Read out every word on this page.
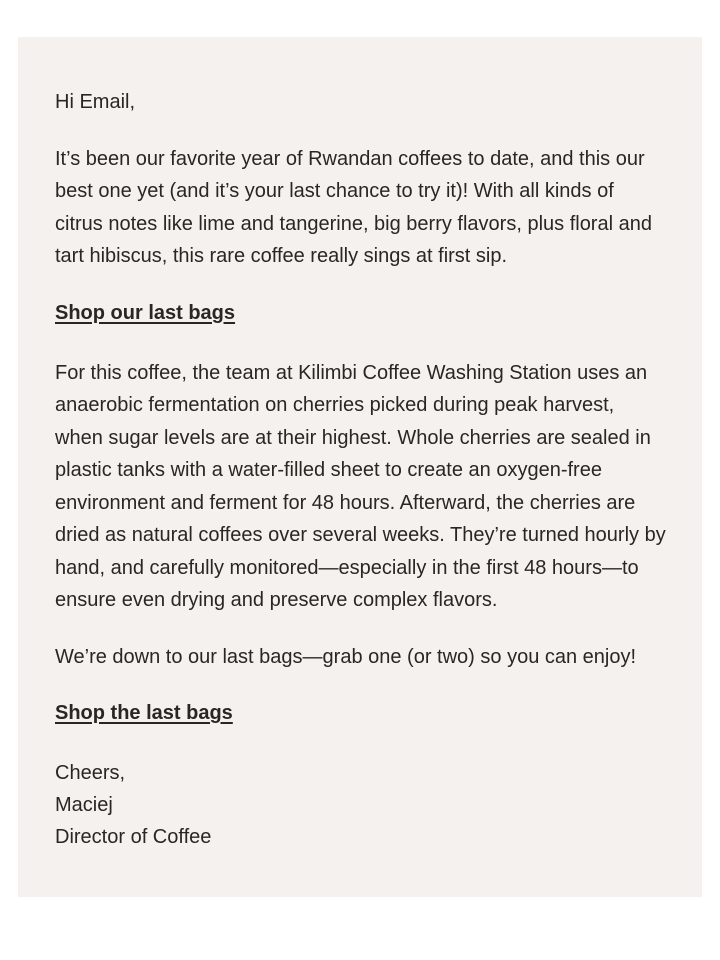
Hi Email,

It’s been our favorite year of Rwandan coffees to date, and this our best one yet (and it’s your last chance to try it)! With all kinds of citrus notes like lime and tangerine, big berry flavors, plus floral and tart hibiscus, this rare coffee really sings at first sip.

Shop our last bags

For this coffee, the team at Kilimbi Coffee Washing Station uses an anaerobic fermentation on cherries picked during peak harvest, when sugar levels are at their highest. Whole cherries are sealed in plastic tanks with a water-filled sheet to create an oxygen-free environment and ferment for 48 hours. Afterward, the cherries are dried as natural coffees over several weeks. They’re turned hourly by hand, and carefully monitored—especially in the first 48 hours—to ensure even drying and preserve complex flavors.

We’re down to our last bags—grab one (or two) so you can enjoy!

Shop the last bags

Cheers,

Maciej

Director of Coffee
